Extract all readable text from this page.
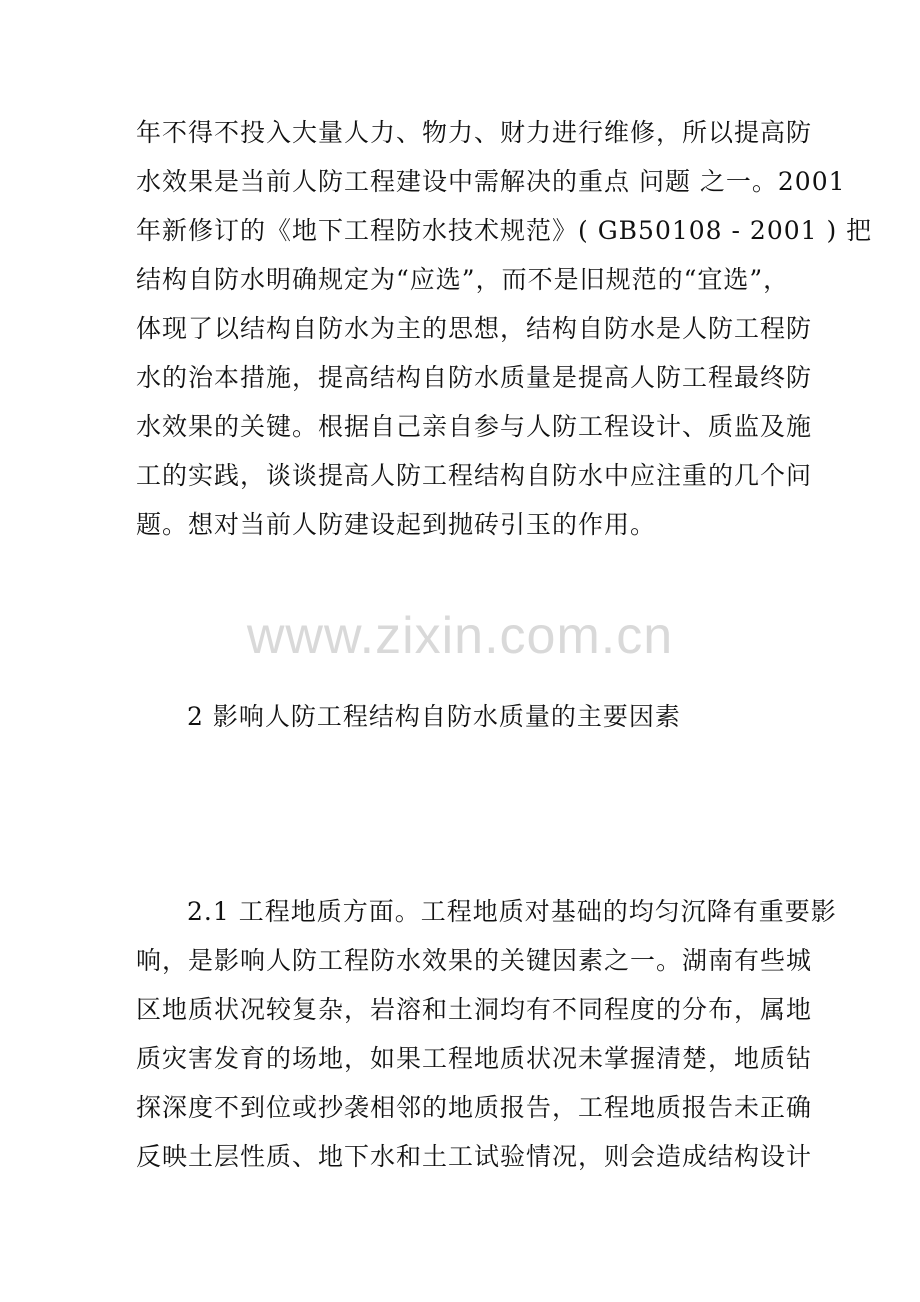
年不得不投入大量人力、物力、财力进行维修，所以提高防
水效果是当前人防工程建设中需解决的重点 问题 之一。2001
年新修订的《地下工程防水技术规范》( GB50108 - 2001 ) 把
结构自防水明确规定为“应选”，而不是旧规范的“宜选”，
体现了以结构自防水为主的思想，结构自防水是人防工程防
水的治本措施，提高结构自防水质量是提高人防工程最终防
水效果的关键。根据自己亲自参与人防工程设计、质监及施
工的实践，谈谈提高人防工程结构自防水中应注重的几个问
题。想对当前人防建设起到抛砖引玉的作用。
www.zixin.com.cn
2 影响人防工程结构自防水质量的主要因素
2.1 工程地质方面。工程地质对基础的均匀沉降有重要影
响，是影响人防工程防水效果的关键因素之一。湖南有些城
区地质状况较复杂，岩溶和土洞均有不同程度的分布，属地
质灾害发育的场地，如果工程地质状况未掌握清楚，地质钻
探深度不到位或抄袭相邻的地质报告，工程地质报告未正确
反映土层性质、地下水和土工试验情况，则会造成结构设计
